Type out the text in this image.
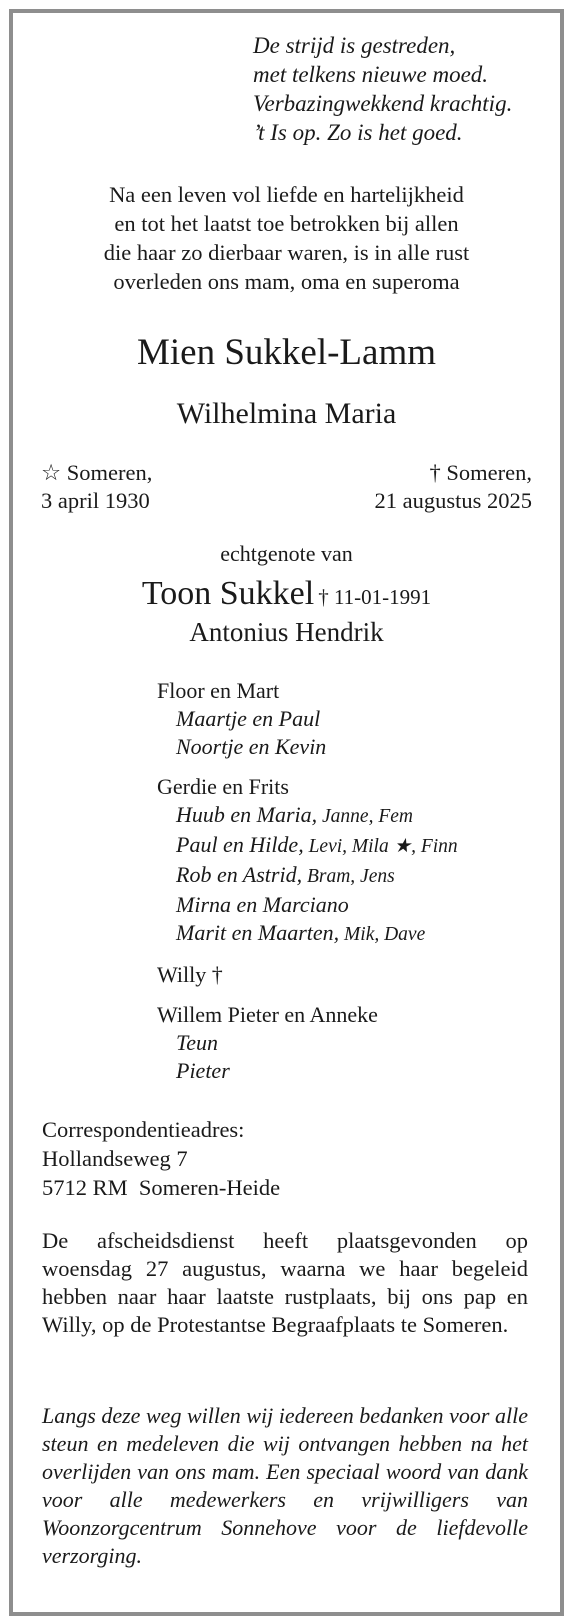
De strijd is gestreden,
met telkens nieuwe moed.
Verbazingwekkend krachtig.
’t Is op. Zo is het goed.
Na een leven vol liefde en hartelijkheid
en tot het laatst toe betrokken bij allen
die haar zo dierbaar waren, is in alle rust
overleden ons mam, oma en superoma
Mien Sukkel-Lamm
Wilhelmina Maria
☆ Someren,
3 april 1930
† Someren,
21 augustus 2025
echtgenote van
Toon Sukkel † 11-01-1991
Antonius Hendrik
Floor en Mart
Maartje en Paul
Noortje en Kevin
Gerdie en Frits
Huub en Maria, Janne, Fem
Paul en Hilde, Levi, Mila ★, Finn
Rob en Astrid, Bram, Jens
Mirna en Marciano
Marit en Maarten, Mik, Dave
Willy †
Willem Pieter en Anneke
Teun
Pieter
Correspondentieadres:
Hollandseweg 7
5712 RM  Someren-Heide
De afscheidsdienst heeft plaatsgevonden op woensdag 27 augustus, waarna we haar begeleid hebben naar haar laatste rustplaats, bij ons pap en Willy, op de Protestantse Begraafplaats te Someren.
Langs deze weg willen wij iedereen bedanken voor alle steun en medeleven die wij ontvangen hebben na het overlijden van ons mam. Een speciaal woord van dank voor alle medewerkers en vrijwilligers van Woonzorgcentrum Sonnehove voor de liefdevolle verzorging.
